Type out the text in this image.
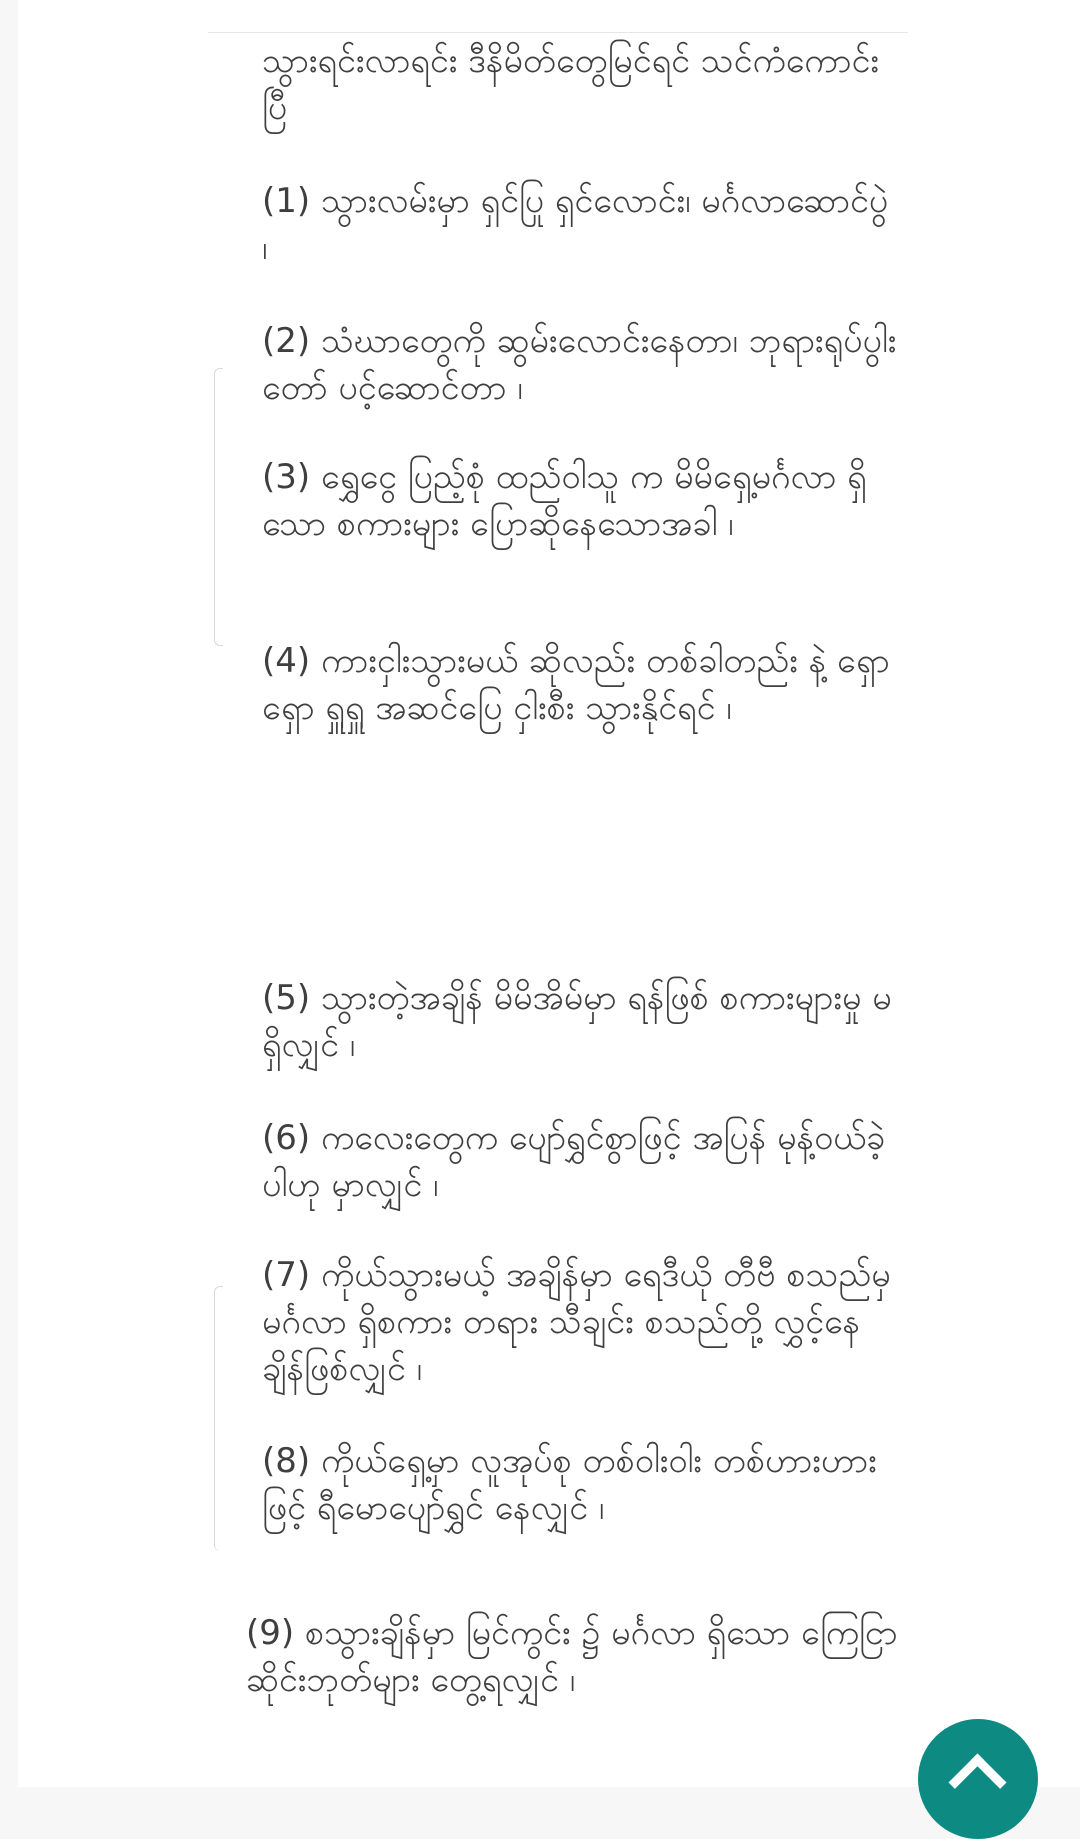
သွားရင်းလာရင်း ဒီနိမိတ်တွေမြင်ရင် သင်ကံကောင်းပြီ

(1) သွားလမ်းမှာ ရှင်ပြု ရှင်လောင်း၊ မင်္ဂလာဆောင်ပွဲ ၊

(2) သံဃာတွေကို ဆွမ်းလောင်းနေတာ၊ ဘုရားရုပ်ပွါးတော် ပင့်ဆောင်တာ ၊

(3) ရွှေငွေ ပြည့်စုံ ထည်ဝါသူ က မိမိရှေ့မင်္ဂလာ ရှိသော စကားများ ပြောဆိုနေသောအခါ ၊

(4) ကားငှါးသွားမယ် ဆိုလည်း တစ်ခါတည်း နဲ့ ရှောရှော ရှူရှူ အဆင်ပြေ ငှါးစီး သွားနိုင်ရင် ၊

(5) သွားတဲ့အချိန် မိမိအိမ်မှာ ရန်ဖြစ် စကားများမှု မရှိလျှင် ၊

(6) ကလေးတွေက ပျော်ရွှင်စွာဖြင့် အပြန် မုန့်ဝယ်ခဲ့ပါဟု မှာလျှင် ၊

(7) ကိုယ်သွားမယ့် အချိန်မှာ ရေဒီယို တီဗီ စသည်မှ မင်္ဂလာ ရှိစကား တရား သီချင်း စသည်တို့ လွှင့်နေချိန်ဖြစ်လျှင် ၊

(8) ကိုယ်ရှေ့မှာ လူအုပ်စု တစ်ဝါးဝါး တစ်ဟားဟားဖြင့် ရီမောပျော်ရွှင် နေလျှင် ၊

(9) စသွားချိန်မှာ မြင်ကွင်း ၌ မင်္ဂလာ ရှိသော ကြေငြာ ဆိုင်းဘုတ်များ တွေ့ရလျှင် ၊
